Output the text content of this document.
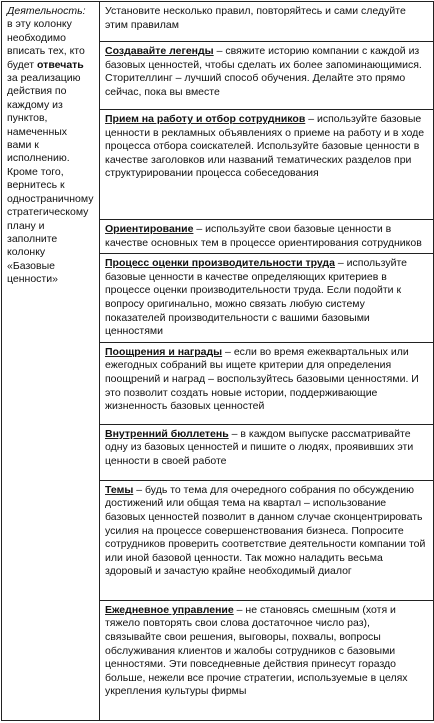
Деятельность: в эту колонку необходимо вписать тех, кто будет отвечать за реализацию действия по каждому из пунктов, намеченных вами к исполнению. Кроме того, вернитесь к одностраничному стратегическому плану и заполните колонку «Базовые ценности»	Установите несколько правил, повторяйтесь и сами следуйте этим правилам
Создавайте легенды – свяжите историю компании с каждой из базовых ценностей, чтобы сделать их более запоминающимися. Сторителлинг – лучший способ обучения. Делайте это прямо сейчас, пока вы вместе
Прием на работу и отбор сотрудников – используйте базовые ценности в рекламных объявлениях о приеме на работу и в ходе процесса отбора соискателей. Используйте базовые ценности в качестве заголовков или названий тематических разделов при структурировании процесса собеседования
Ориентирование – используйте свои базовые ценности в качестве основных тем в процессе ориентирования сотрудников
Процесс оценки производительности труда – используйте базовые ценности в качестве определяющих критериев в процессе оценки производительности труда. Если подойти к вопросу оригинально, можно связать любую систему показателей производительности с вашими базовыми ценностями
Поощрения и награды – если во время ежеквартальных или ежегодных собраний вы ищете критерии для определения поощрений и наград – воспользуйтесь базовыми ценностями. И это позволит создать новые истории, поддерживающие жизненность базовых ценностей
Внутренний бюллетень – в каждом выпуске рассматривайте одну из базовых ценностей и пишите о людях, проявивших эти ценности в своей работе
Темы – будь то тема для очередного собрания по обсуждению достижений или общая тема на квартал – использование базовых ценностей позволит в данном случае сконцентрировать усилия на процессе совершенствования бизнеса. Попросите сотрудников проверить соответствие деятельности компании той или иной базовой ценности. Так можно наладить весьма здоровый и зачастую крайне необходимый диалог
Ежедневное управление – не становясь смешным (хотя и тяжело повторять свои слова достаточное число раз), связывайте свои решения, выговоры, похвалы, вопросы обслуживания клиентов и жалобы сотрудников с базовыми ценностями. Эти повседневные действия принесут гораздо больше, нежели все прочие стратегии, используемые в целях укрепления культуры фирмы
